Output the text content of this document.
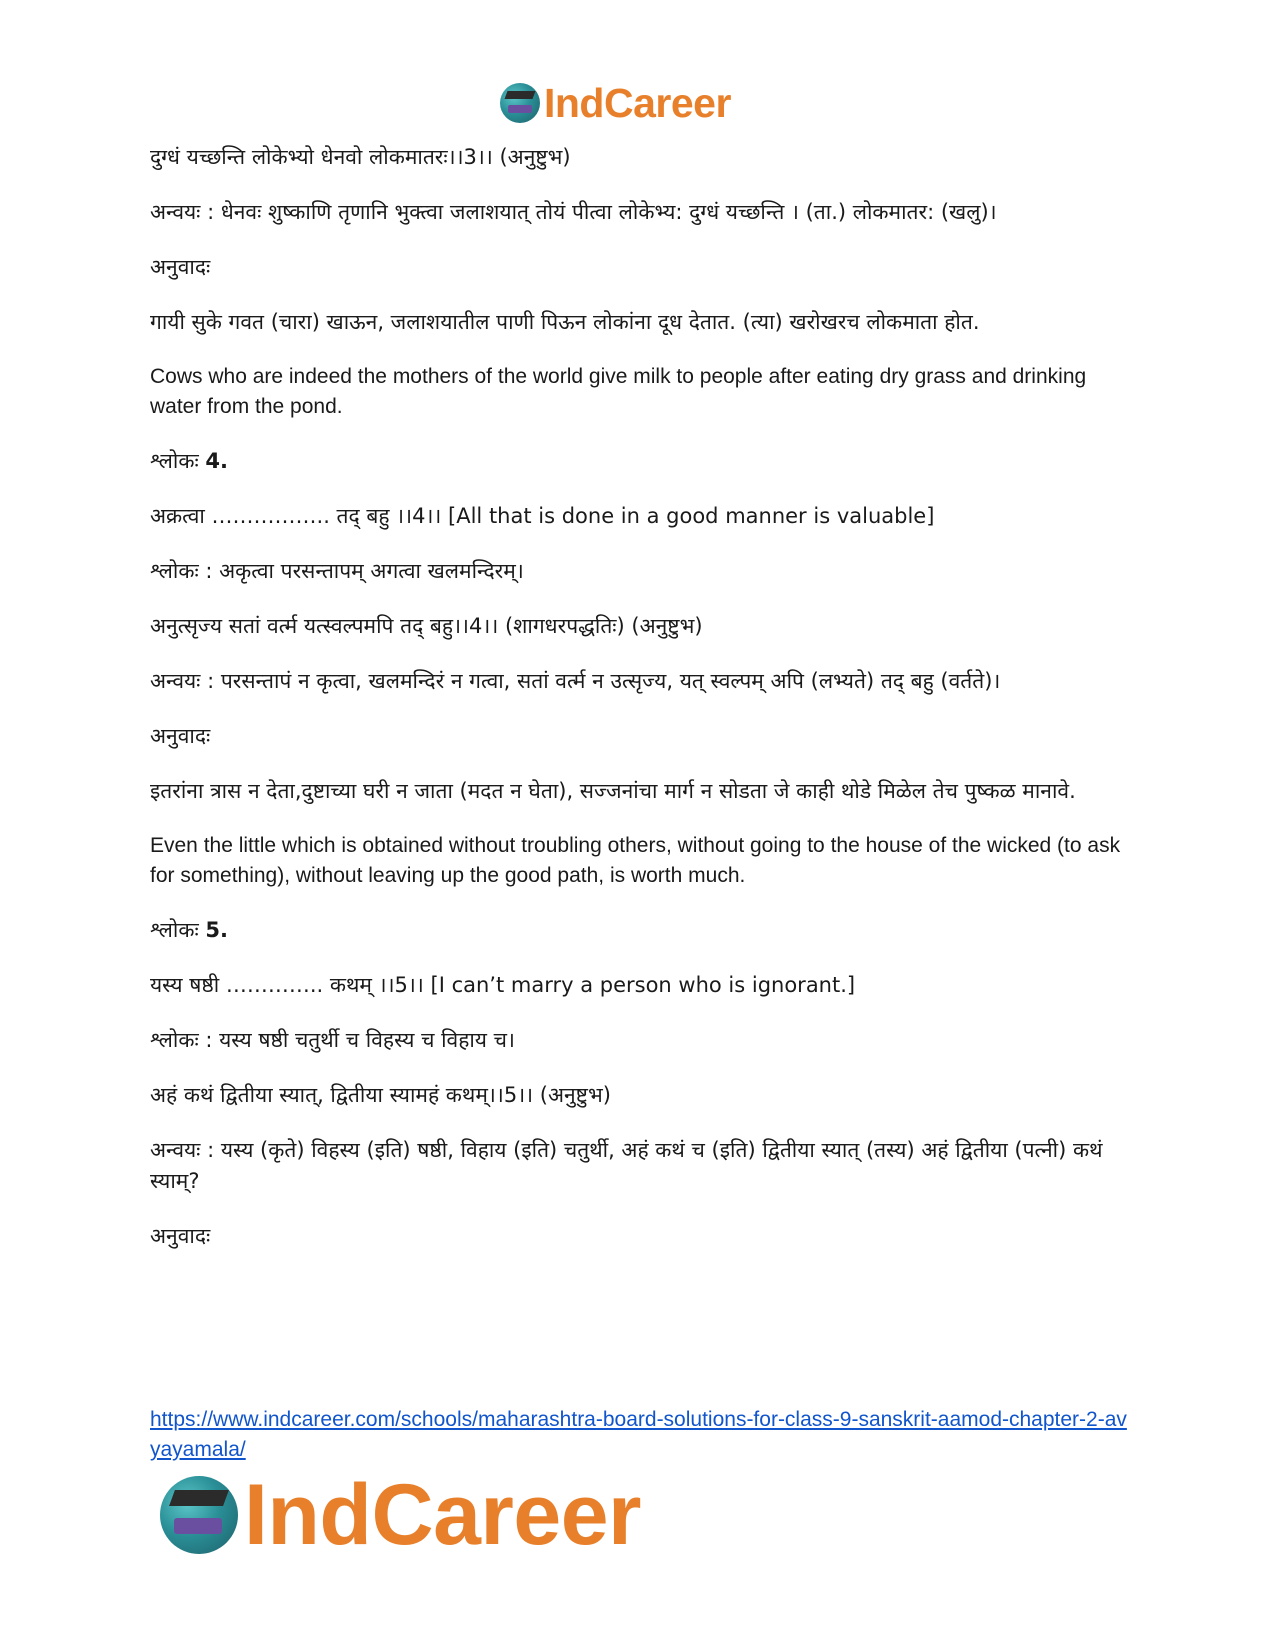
IndCareer

दुग्धं यच्छन्ति लोकेभ्यो धेनवो लोकमातरः।।3।। (अनुष्टुभ)

अन्वयः : धेनवः शुष्काणि तृणानि भुक्त्वा जलाशयात् तोयं पीत्वा लोकेभ्य: दुग्धं यच्छन्ति । (ता.) लोकमातर: (खलु)।

अनुवादः

गायी सुके गवत (चारा) खाऊन, जलाशयातील पाणी पिऊन लोकांना दूध देतात. (त्या) खरोखरच लोकमाता होत.

Cows who are indeed the mothers of the world give milk to people after eating dry grass and drinking water from the pond.

श्लोकः 4.

अक्रत्वा …………….. तद् बहु ।।4।। [All that is done in a good manner is valuable]

श्लोकः : अकृत्वा परसन्तापम् अगत्वा खलमन्दिरम्।

अनुत्सृज्य सतां वर्त्म यत्स्वल्पमपि तद् बहु।।4।। (शागधरपद्धतिः) (अनुष्टुभ)

अन्वयः : परसन्तापं न कृत्वा, खलमन्दिरं न गत्वा, सतां वर्त्म न उत्सृज्य, यत् स्वल्पम् अपि (लभ्यते) तद् बहु (वर्तते)।

अनुवादः

इतरांना त्रास न देता,दुष्टाच्या घरी न जाता (मदत न घेता), सज्जनांचा मार्ग न सोडता जे काही थोडे मिळेल तेच पुष्कळ मानावे.

Even the little which is obtained without troubling others, without going to the house of the wicked (to ask for something), without leaving up the good path, is worth much.

श्लोकः 5.

यस्य षष्ठी ………….. कथम् ।।5।। [I can’t marry a person who is ignorant.]

श्लोकः : यस्य षष्ठी चतुर्थी च विहस्य च विहाय च।

अहं कथं द्वितीया स्यात्, द्वितीया स्यामहं कथम्।।5।। (अनुष्टुभ)

अन्वयः : यस्य (कृते) विहस्य (इति) षष्ठी, विहाय (इति) चतुर्थी, अहं कथं च (इति) द्वितीया स्यात् (तस्य) अहं द्वितीया (पत्नी) कथं स्याम्?

अनुवादः

https://www.indcareer.com/schools/maharashtra-board-solutions-for-class-9-sanskrit-aamod-chapter-2-avyayamala/
IndCareer
